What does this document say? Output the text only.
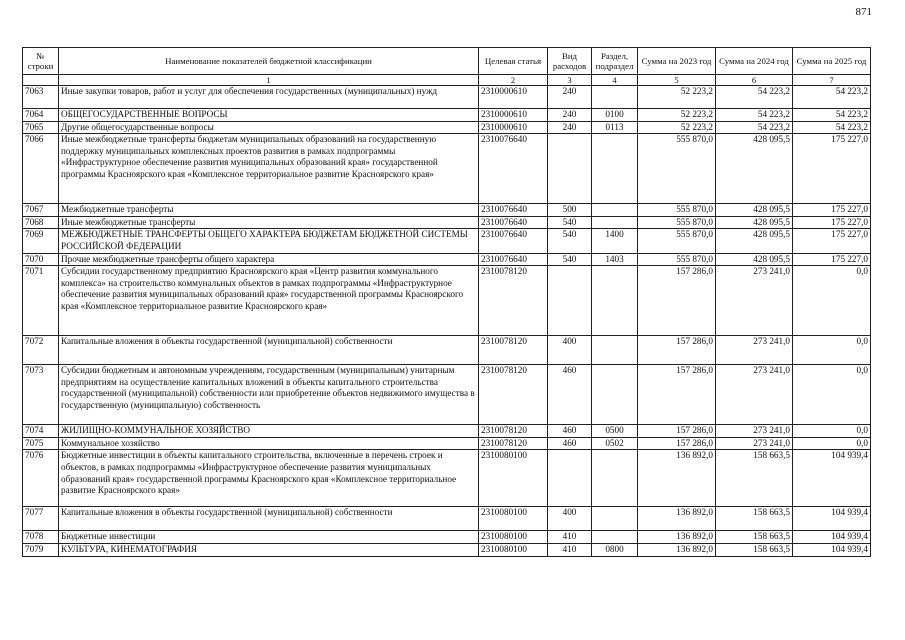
871
№ строки	Наименование показателей бюджетной классификации	Целевая статья	Вид расходов	Раздел, подраздел	Сумма на 2023 год	Сумма на 2024 год	Сумма на 2025 год
	1	2	3	4	5	6	7
7063	Иные закупки товаров, работ и услуг для обеспечения государственных (муниципальных) нужд	2310000610	240		52 223,2	54 223,2	54 223,2
7064	ОБЩЕГОСУДАРСТВЕННЫЕ ВОПРОСЫ	2310000610	240	0100	52 223,2	54 223,2	54 223,2
7065	Другие общегосударственные вопросы	2310000610	240	0113	52 223,2	54 223,2	54 223,2
7066	Иные межбюджетные трансферты бюджетам муниципальных образований на государственную поддержку муниципальных комплексных проектов развития в рамках подпрограммы «Инфраструктурное обеспечение развития муниципальных образований края» государственной программы Красноярского края «Комплексное территориальное развитие Красноярского края»	2310076640			555 870,0	428 095,5	175 227,0
7067	Межбюджетные трансферты	2310076640	500		555 870,0	428 095,5	175 227,0
7068	Иные межбюджетные трансферты	2310076640	540		555 870,0	428 095,5	175 227,0
7069	МЕЖБЮДЖЕТНЫЕ ТРАНСФЕРТЫ ОБЩЕГО ХАРАКТЕРА БЮДЖЕТАМ БЮДЖЕТНОЙ СИСТЕМЫ РОССИЙСКОЙ ФЕДЕРАЦИИ	2310076640	540	1400	555 870,0	428 095,5	175 227,0
7070	Прочие межбюджетные трансферты общего характера	2310076640	540	1403	555 870,0	428 095,5	175 227,0
7071	Субсидии государственному предприятию Красноярского края «Центр развития коммунального комплекса» на строительство коммунальных объектов в рамках подпрограммы «Инфраструктурное обеспечение развития муниципальных образований края» государственной программы Красноярского края «Комплексное территориальное развитие Красноярского края»	2310078120			157 286,0	273 241,0	0,0
7072	Капитальные вложения в объекты государственной (муниципальной) собственности	2310078120	400		157 286,0	273 241,0	0,0
7073	Субсидии бюджетным и автономным учреждениям, государственным (муниципальным) унитарным предприятиям на осуществление капитальных вложений в объекты капитального строительства государственной (муниципальной) собственности или приобретение объектов недвижимого имущества в государственную (муниципальную) собственность	2310078120	460		157 286,0	273 241,0	0,0
7074	ЖИЛИЩНО-КОММУНАЛЬНОЕ ХОЗЯЙСТВО	2310078120	460	0500	157 286,0	273 241,0	0,0
7075	Коммунальное хозяйство	2310078120	460	0502	157 286,0	273 241,0	0,0
7076	Бюджетные инвестиции в объекты капитального строительства, включенные в перечень строек и объектов, в рамках подпрограммы «Инфраструктурное обеспечение развития муниципальных образований края» государственной программы Красноярского края «Комплексное территориальное развитие Красноярского края»	2310080100			136 892,0	158 663,5	104 939,4
7077	Капитальные вложения в объекты государственной (муниципальной) собственности	2310080100	400		136 892,0	158 663,5	104 939,4
7078	Бюджетные инвестиции	2310080100	410		136 892,0	158 663,5	104 939,4
7079	КУЛЬТУРА, КИНЕМАТОГРАФИЯ	2310080100	410	0800	136 892,0	158 663,5	104 939,4
